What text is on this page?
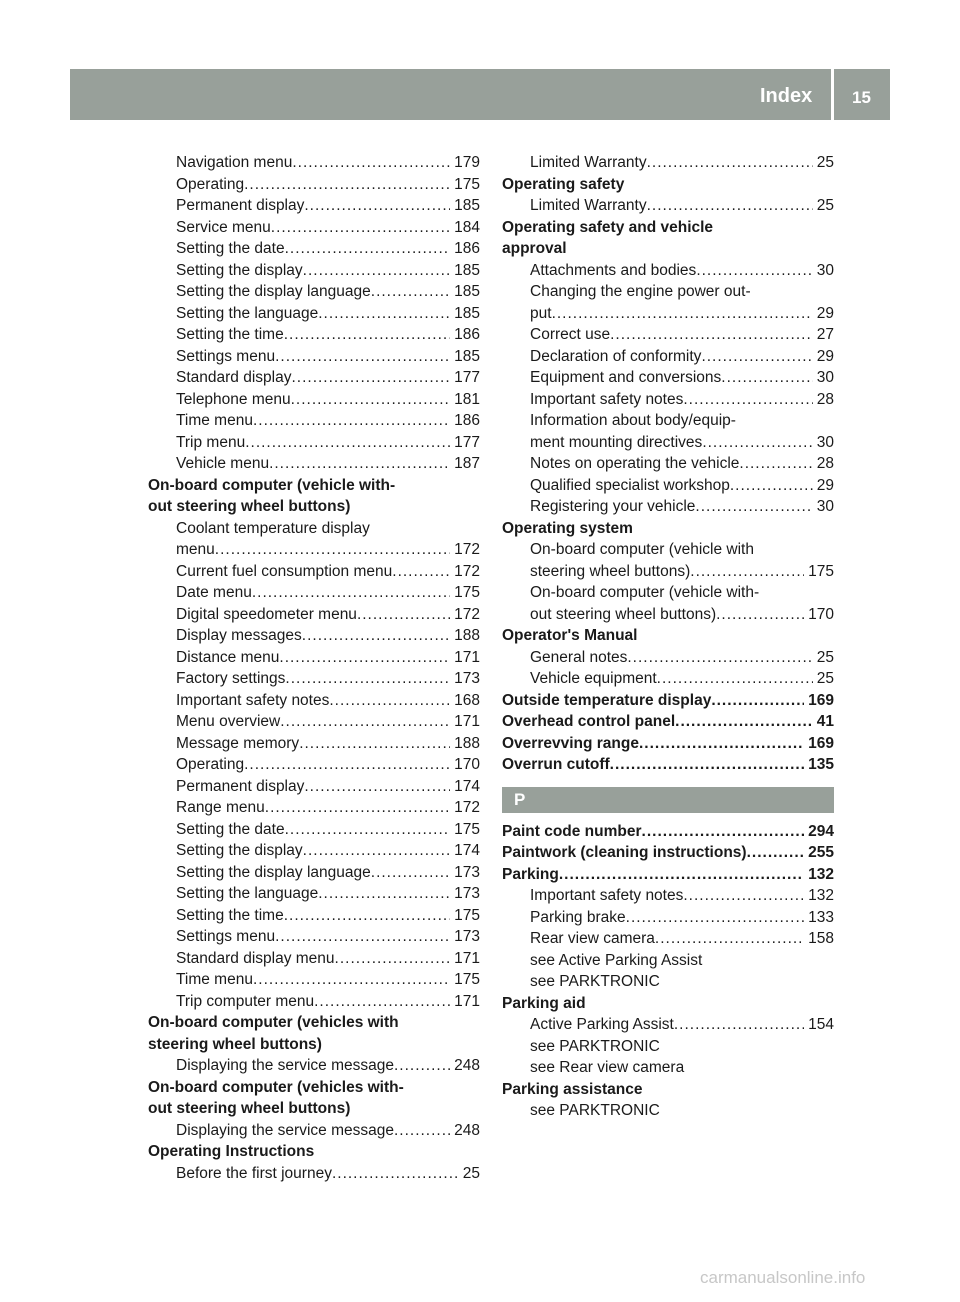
Index 15
Navigation menu .....	179
Operating .....	175
Permanent display .....	185
Service menu .....	184
Setting the date .....	186
Setting the display .....	185
Setting the display language .....	185
Setting the language .....	185
Setting the time .....	186
Settings menu .....	185
Standard display .....	177
Telephone menu .....	181
Time menu .....	186
Trip menu .....	177
Vehicle menu .....	187
On-board computer (vehicle with-
out steering wheel buttons)
Coolant temperature display
menu .....	172
Current fuel consumption menu .....	172
Date menu .....	175
Digital speedometer menu .....	172
Display messages .....	188
Distance menu .....	171
Factory settings .....	173
Important safety notes .....	168
Menu overview .....	171
Message memory .....	188
Operating .....	170
Permanent display .....	174
Range menu .....	172
Setting the date .....	175
Setting the display .....	174
Setting the display language .....	173
Setting the language .....	173
Setting the time .....	175
Settings menu .....	173
Standard display menu .....	171
Time menu .....	175
Trip computer menu .....	171
On-board computer (vehicles with
steering wheel buttons)
Displaying the service message .....	248
On-board computer (vehicles with-
out steering wheel buttons)
Displaying the service message .....	248
Operating Instructions
Before the first journey .....	25
Limited Warranty .....	25
Operating safety
Limited Warranty .....	25
Operating safety and vehicle
approval
Attachments and bodies .....	30
Changing the engine power out-
put .....	29
Correct use .....	27
Declaration of conformity .....	29
Equipment and conversions .....	30
Important safety notes .....	28
Information about body/equip-
ment mounting directives .....	30
Notes on operating the vehicle .....	28
Qualified specialist workshop .....	29
Registering your vehicle .....	30
Operating system
On-board computer (vehicle with
steering wheel buttons) .....	175
On-board computer (vehicle with-
out steering wheel buttons) .....	170
Operator's Manual
General notes .....	25
Vehicle equipment .....	25
Outside temperature display .....	169
Overhead control panel .....	41
Overrevving range .....	169
Overrun cutoff .....	135
P
Paint code number .....	294
Paintwork (cleaning instructions) .....	255
Parking .....	132
Important safety notes .....	132
Parking brake .....	133
Rear view camera .....	158
see Active Parking Assist
see PARKTRONIC
Parking aid
Active Parking Assist .....	154
see PARKTRONIC
see Rear view camera
Parking assistance
see PARKTRONIC
carmanualsonline.info
